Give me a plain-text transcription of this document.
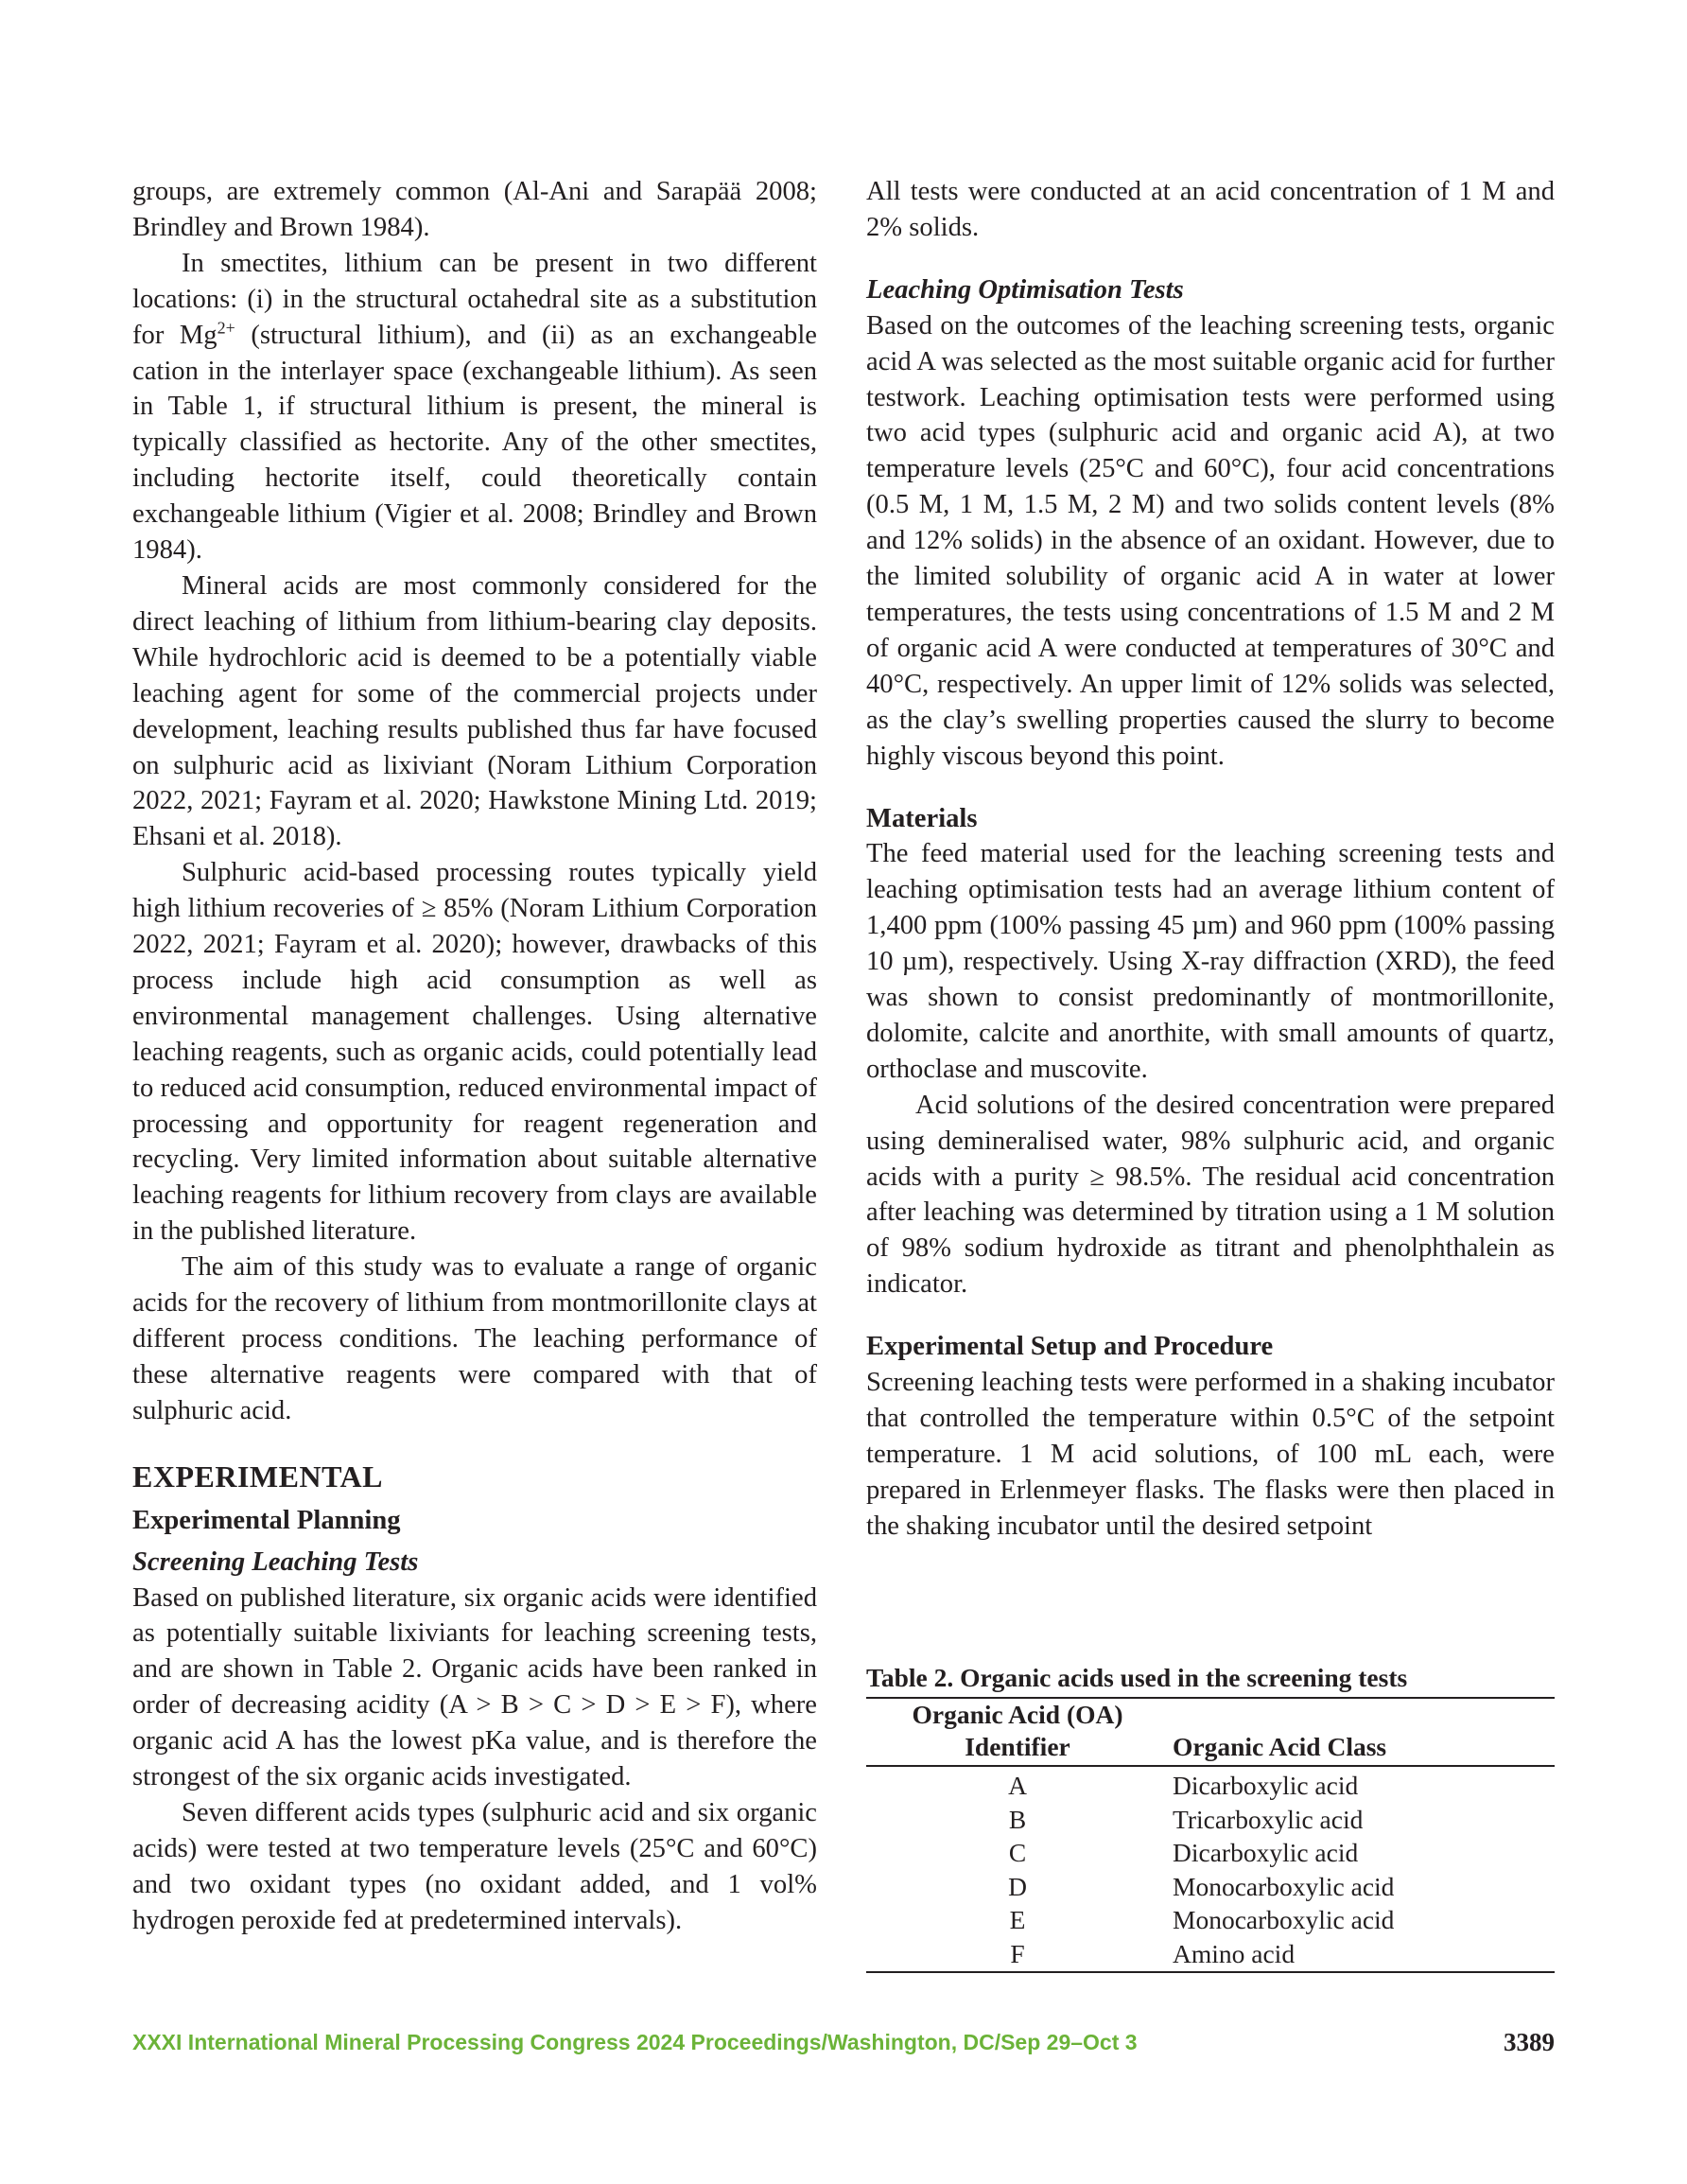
groups, are extremely common (Al-Ani and Sarapää 2008; Brindley and Brown 1984).

In smectites, lithium can be present in two different locations: (i) in the structural octahedral site as a substitution for $Mg^{2+}$ (structural lithium), and (ii) as an exchangeable cation in the interlayer space (exchangeable lithium). As seen in Table 1, if structural lithium is present, the mineral is typically classified as hectorite. Any of the other smectites, including hectorite itself, could theoretically contain exchangeable lithium (Vigier et al. 2008; Brindley and Brown 1984).

Mineral acids are most commonly considered for the direct leaching of lithium from lithium-bearing clay deposits. While hydrochloric acid is deemed to be a potentially viable leaching agent for some of the commercial projects under development, leaching results published thus far have focused on sulphuric acid as lixiviant (Noram Lithium Corporation 2022, 2021; Fayram et al. 2020; Hawkstone Mining Ltd. 2019; Ehsani et al. 2018).

Sulphuric acid-based processing routes typically yield high lithium recoveries of ≥ 85% (Noram Lithium Corporation 2022, 2021; Fayram et al. 2020); however, drawbacks of this process include high acid consumption as well as environmental management challenges. Using alternative leaching reagents, such as organic acids, could potentially lead to reduced acid consumption, reduced environmental impact of processing and opportunity for reagent regeneration and recycling. Very limited information about suitable alternative leaching reagents for lithium recovery from clays are available in the published literature.

The aim of this study was to evaluate a range of organic acids for the recovery of lithium from montmorillonite clays at different process conditions. The leaching performance of these alternative reagents were compared with that of sulphuric acid.

EXPERIMENTAL
Experimental Planning
Screening Leaching Tests

Based on published literature, six organic acids were identified as potentially suitable lixiviants for leaching screening tests, and are shown in Table 2. Organic acids have been ranked in order of decreasing acidity (A > B > C > D > E > F), where organic acid A has the lowest pKa value, and is therefore the strongest of the six organic acids investigated.

Seven different acids types (sulphuric acid and six organic acids) were tested at two temperature levels (25°C and 60°C) and two oxidant types (no oxidant added, and 1 vol% hydrogen peroxide fed at predetermined intervals).

All tests were conducted at an acid concentration of 1 M and 2% solids.

Leaching Optimisation Tests

Based on the outcomes of the leaching screening tests, organic acid A was selected as the most suitable organic acid for further testwork. Leaching optimisation tests were performed using two acid types (sulphuric acid and organic acid A), at two temperature levels (25°C and 60°C), four acid concentrations (0.5 M, 1 M, 1.5 M, 2 M) and two solids content levels (8% and 12% solids) in the absence of an oxidant. However, due to the limited solubility of organic acid A in water at lower temperatures, the tests using concentrations of 1.5 M and 2 M of organic acid A were conducted at temperatures of 30°C and 40°C, respectively. An upper limit of 12% solids was selected, as the clay’s swelling properties caused the slurry to become highly viscous beyond this point.

Materials

The feed material used for the leaching screening tests and leaching optimisation tests had an average lithium content of 1,400 ppm (100% passing 45 µm) and 960 ppm (100% passing 10 µm), respectively. Using X-ray diffraction (XRD), the feed was shown to consist predominantly of montmorillonite, dolomite, calcite and anorthite, with small amounts of quartz, orthoclase and muscovite.

Acid solutions of the desired concentration were prepared using demineralised water, 98% sulphuric acid, and organic acids with a purity ≥ 98.5%. The residual acid concentration after leaching was determined by titration using a 1 M solution of 98% sodium hydroxide as titrant and phenolphthalein as indicator.

Experimental Setup and Procedure

Screening leaching tests were performed in a shaking incubator that controlled the temperature within 0.5°C of the setpoint temperature. 1 M acid solutions, of 100 mL each, were prepared in Erlenmeyer flasks. The flasks were then placed in the shaking incubator until the desired setpoint

Table 2. Organic acids used in the screening tests
Organic Acid (OA)	
Identifier	Organic Acid Class
A	Dicarboxylic acid
B	Tricarboxylic acid
C	Dicarboxylic acid
D	Monocarboxylic acid
E	Monocarboxylic acid
F	Amino acid
XXXI International Mineral Processing Congress 2024 Proceedings/Washington, DC/Sep 29–Oct 3	3389
